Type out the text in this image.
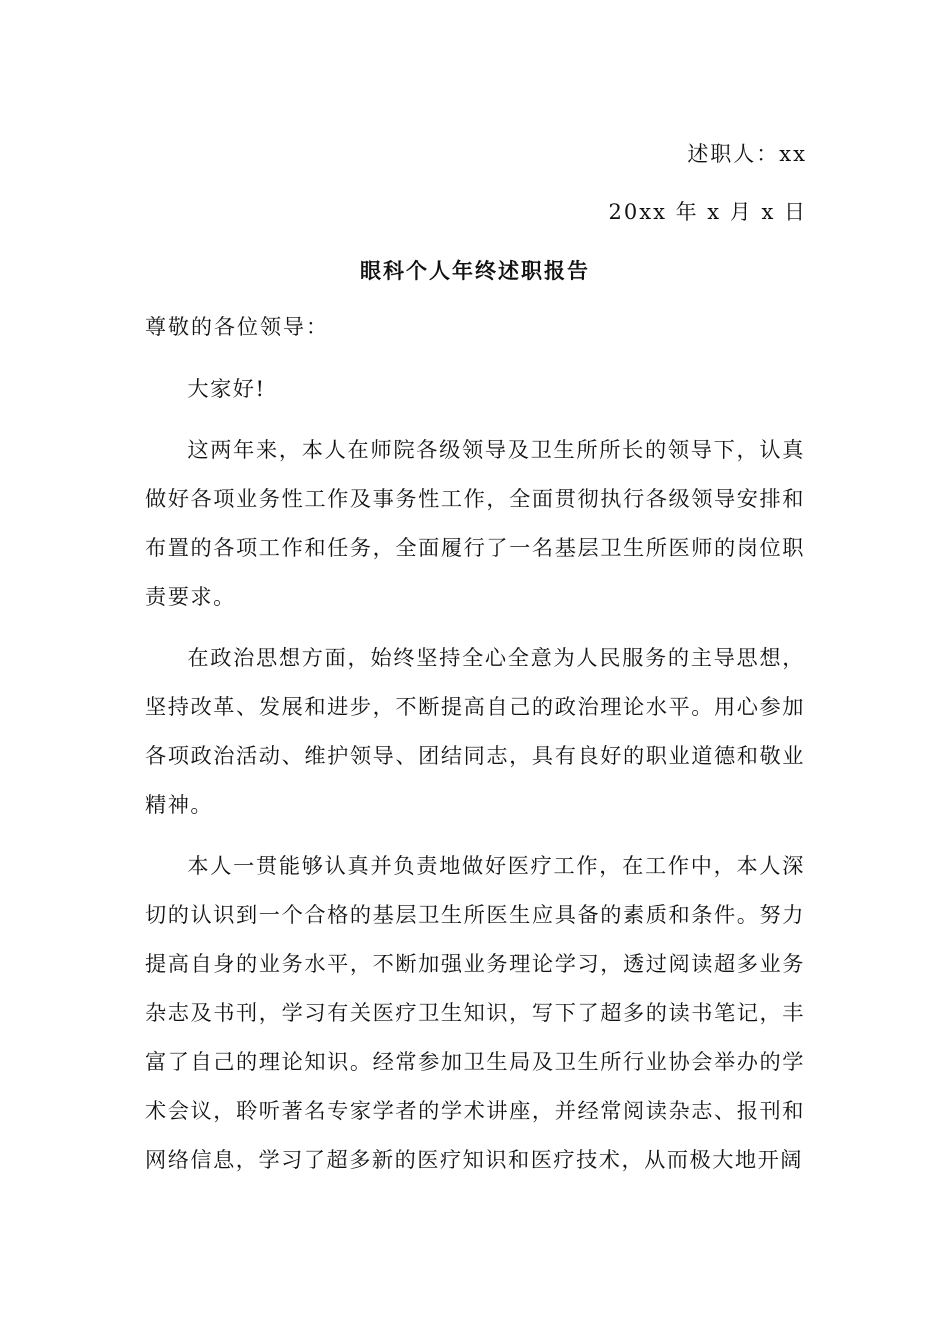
述职人：xx
20xx 年 x 月 x 日
眼科个人年终述职报告
尊敬的各位领导：

大家好!

这两年来，本人在师院各级领导及卫生所所长的领导下，认真做好各项业务性工作及事务性工作，全面贯彻执行各级领导安排和布置的各项工作和任务，全面履行了一名基层卫生所医师的岗位职责要求。

在政治思想方面，始终坚持全心全意为人民服务的主导思想，坚持改革、发展和进步，不断提高自己的政治理论水平。用心参加各项政治活动、维护领导、团结同志，具有良好的职业道德和敬业精神。

本人一贯能够认真并负责地做好医疗工作，在工作中，本人深切的认识到一个合格的基层卫生所医生应具备的素质和条件。努力提高自身的业务水平，不断加强业务理论学习，透过阅读超多业务杂志及书刊，学习有关医疗卫生知识，写下了超多的读书笔记，丰富了自己的理论知识。经常参加卫生局及卫生所行业协会举办的学术会议，聆听著名专家学者的学术讲座，并经常阅读杂志、报刊和网络信息，学习了超多新的医疗知识和医疗技术，从而极大地开阔
